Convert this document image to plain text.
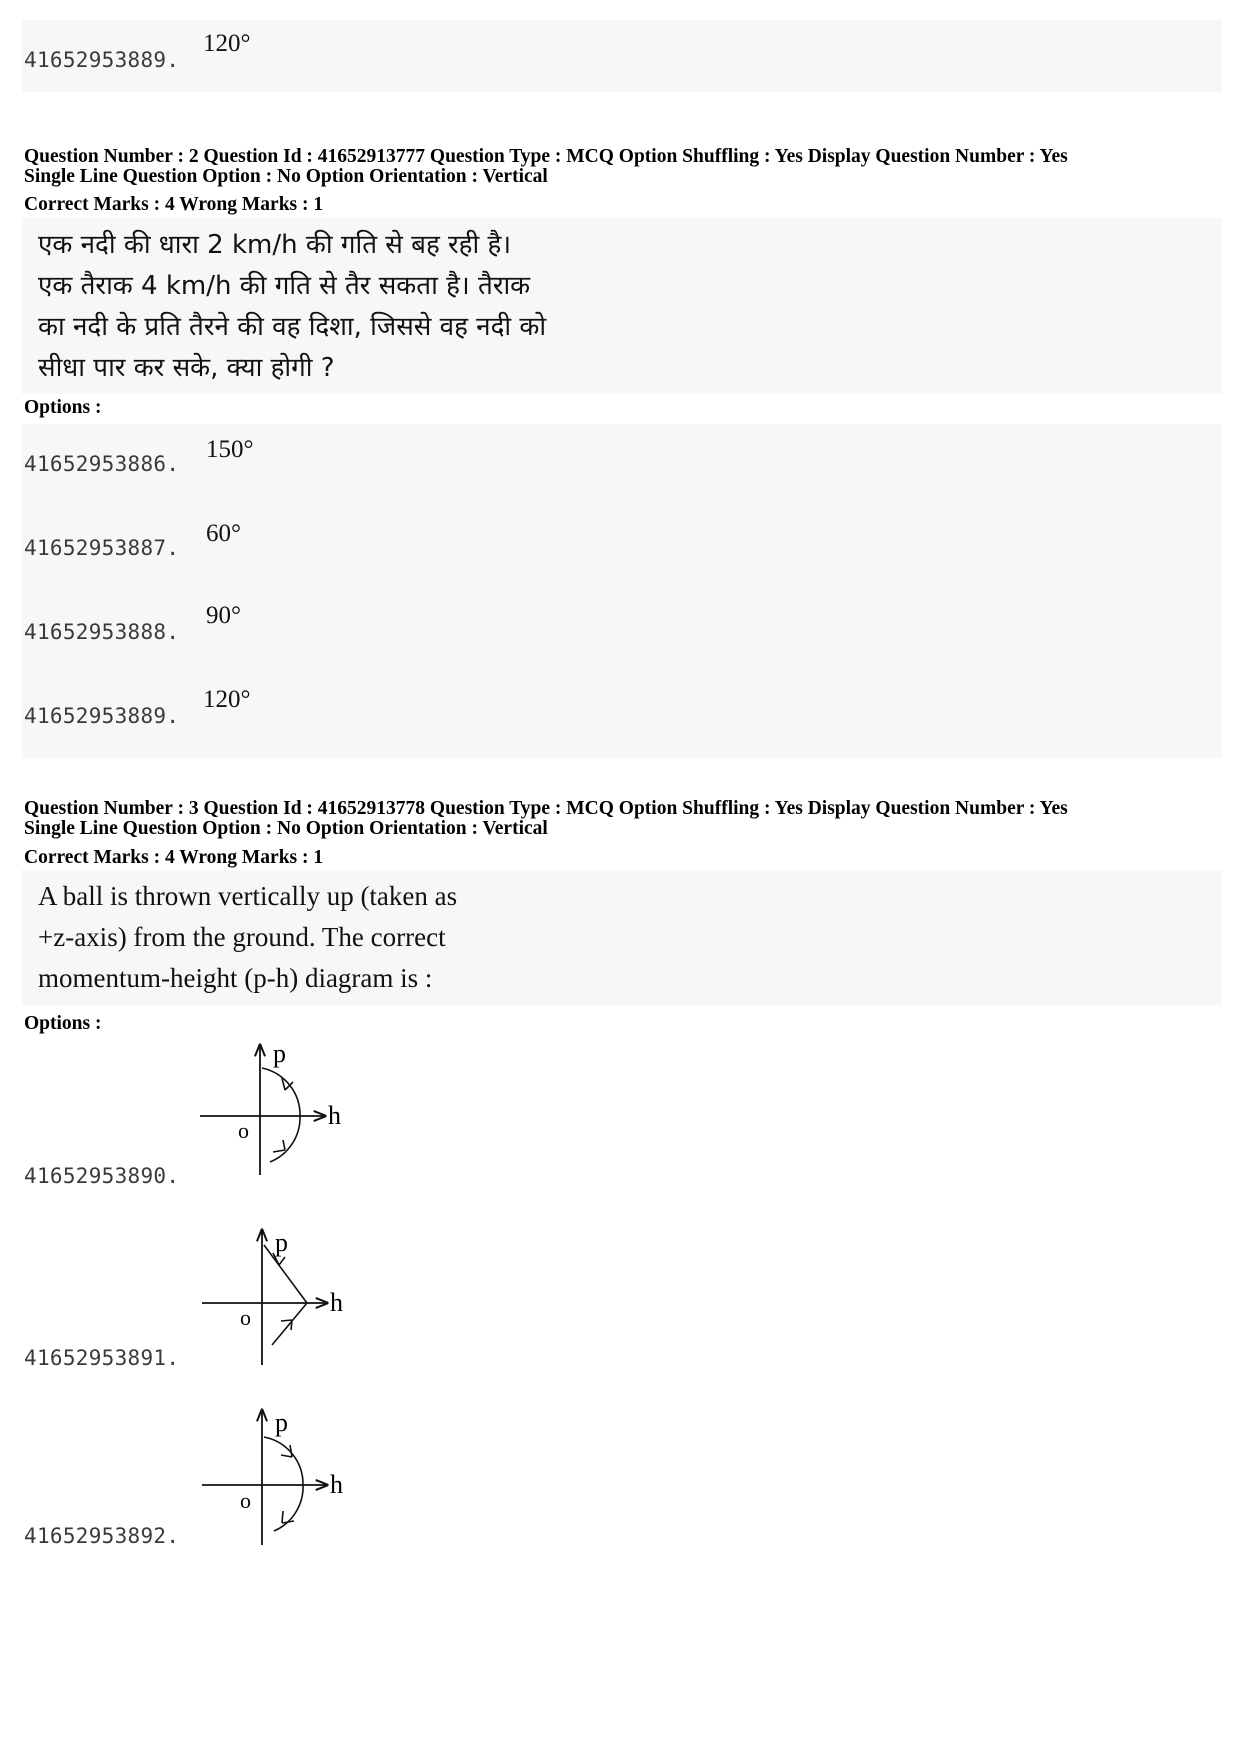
41652953889.
120°
Question Number : 2 Question Id : 41652913777 Question Type : MCQ Option Shuffling : Yes Display Question Number : Yes
Single Line Question Option : No Option Orientation : Vertical
Correct Marks : 4 Wrong Marks : 1
एक नदी की धारा 2 km/h की गति से बह रही है।
एक तैराक 4 km/h की गति से तैर सकता है। तैराक
का नदी के प्रति तैरने की वह दिशा, जिससे वह नदी को
सीधा पार कर सके, क्या होगी ?
Options :
41652953886.
150°
41652953887.
60°
41652953888.
90°
41652953889.
120°
Question Number : 3 Question Id : 41652913778 Question Type : MCQ Option Shuffling : Yes Display Question Number : Yes
Single Line Question Option : No Option Orientation : Vertical
Correct Marks : 4 Wrong Marks : 1
A ball is thrown vertically up (taken as
+z-axis) from the ground. The correct
momentum-height (p-h) diagram is :
Options :
p
h
o
41652953890.
p
h
o
41652953891.
p
h
o
41652953892.
